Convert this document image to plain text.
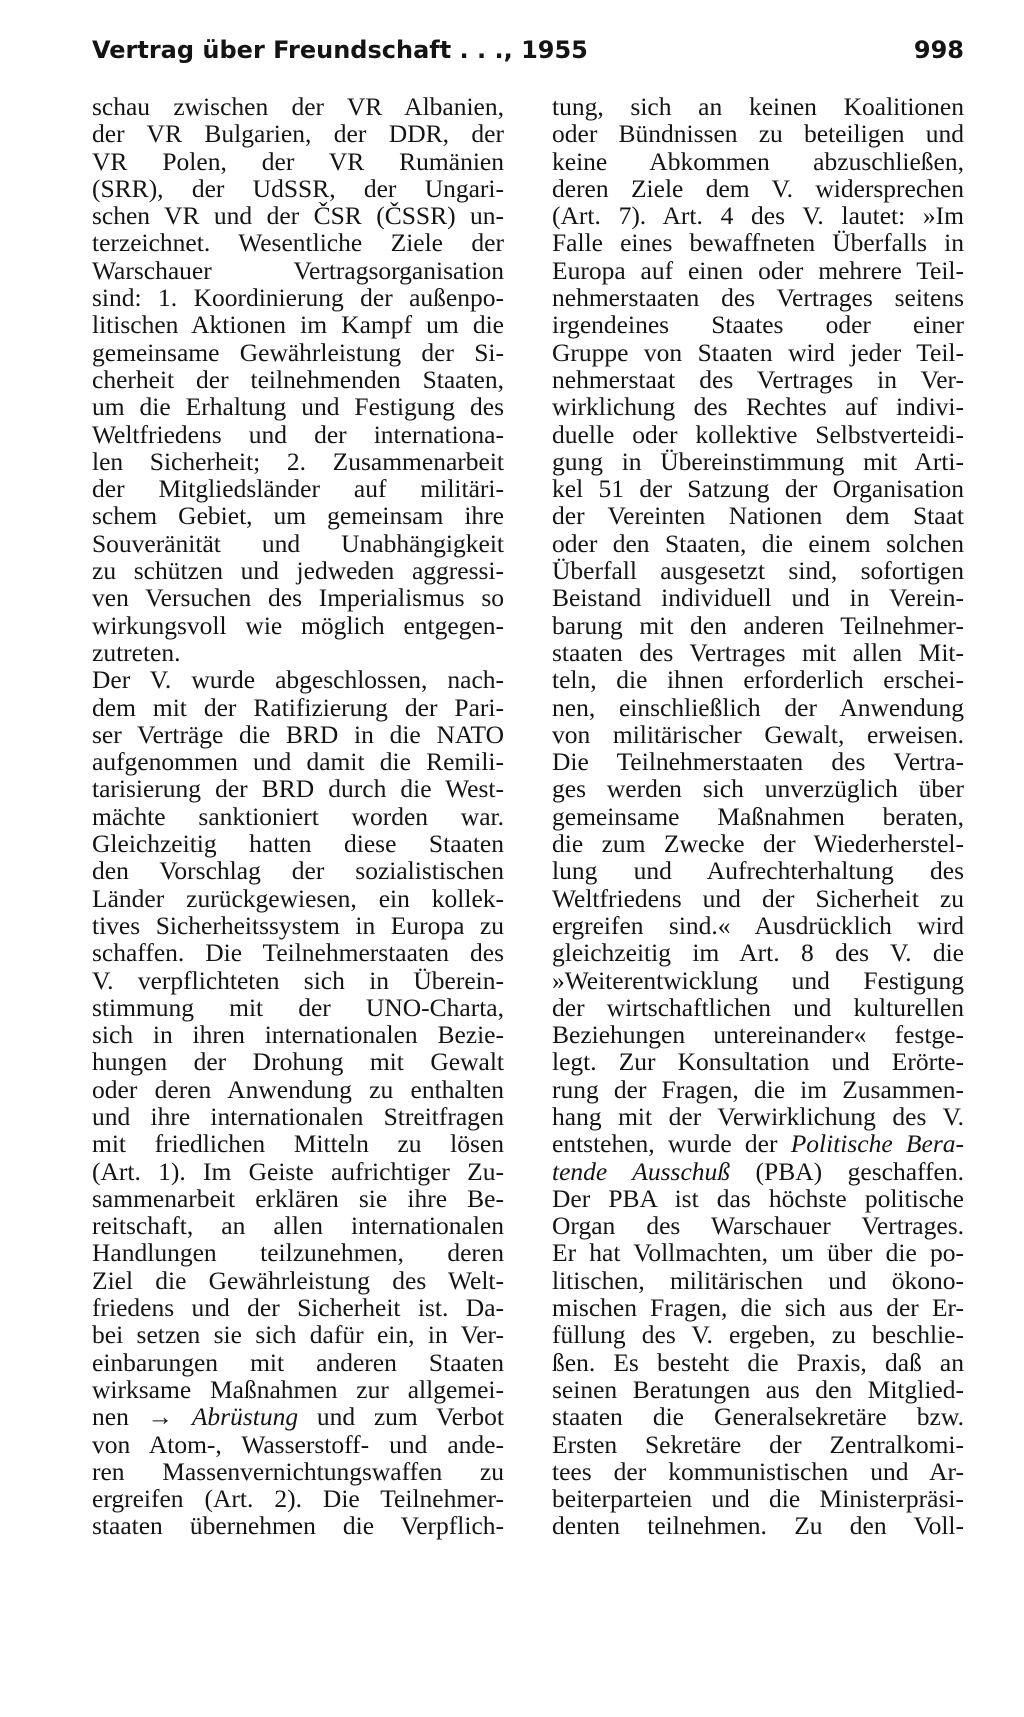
Vertrag über Freundschaft . . ., 1955	998
schau zwischen der VR Albanien,
der VR Bulgarien, der DDR, der
VR Polen, der VR Rumänien
(SRR), der UdSSR, der Ungari-
schen VR und der ČSR (ČSSR) un-
terzeichnet. Wesentliche Ziele der
Warschauer Vertragsorganisation
sind: 1. Koordinierung der außenpo-
litischen Aktionen im Kampf um die
gemeinsame Gewährleistung der Si-
cherheit der teilnehmenden Staaten,
um die Erhaltung und Festigung des
Weltfriedens und der internationa-
len Sicherheit; 2. Zusammenarbeit
der Mitgliedsländer auf militäri-
schem Gebiet, um gemeinsam ihre
Souveränität und Unabhängigkeit
zu schützen und jedweden aggressi-
ven Versuchen des Imperialismus so
wirkungsvoll wie möglich entgegen-
zutreten.
Der V. wurde abgeschlossen, nach-
dem mit der Ratifizierung der Pari-
ser Verträge die BRD in die NATO
aufgenommen und damit die Remili-
tarisierung der BRD durch die West-
mächte sanktioniert worden war.
Gleichzeitig hatten diese Staaten
den Vorschlag der sozialistischen
Länder zurückgewiesen, ein kollek-
tives Sicherheitssystem in Europa zu
schaffen. Die Teilnehmerstaaten des
V. verpflichteten sich in Überein-
stimmung mit der UNO-Charta,
sich in ihren internationalen Bezie-
hungen der Drohung mit Gewalt
oder deren Anwendung zu enthalten
und ihre internationalen Streitfragen
mit friedlichen Mitteln zu lösen
(Art. 1). Im Geiste aufrichtiger Zu-
sammenarbeit erklären sie ihre Be-
reitschaft, an allen internationalen
Handlungen teilzunehmen, deren
Ziel die Gewährleistung des Welt-
friedens und der Sicherheit ist. Da-
bei setzen sie sich dafür ein, in Ver-
einbarungen mit anderen Staaten
wirksame Maßnahmen zur allgemei-
nen → Abrüstung und zum Verbot
von Atom-, Wasserstoff- und ande-
ren Massenvernichtungswaffen zu
ergreifen (Art. 2). Die Teilnehmer-
staaten übernehmen die Verpflich-
tung, sich an keinen Koalitionen
oder Bündnissen zu beteiligen und
keine Abkommen abzuschließen,
deren Ziele dem V. widersprechen
(Art. 7). Art. 4 des V. lautet: »Im
Falle eines bewaffneten Überfalls in
Europa auf einen oder mehrere Teil-
nehmerstaaten des Vertrages seitens
irgendeines Staates oder einer
Gruppe von Staaten wird jeder Teil-
nehmerstaat des Vertrages in Ver-
wirklichung des Rechtes auf indivi-
duelle oder kollektive Selbstverteidi-
gung in Übereinstimmung mit Arti-
kel 51 der Satzung der Organisation
der Vereinten Nationen dem Staat
oder den Staaten, die einem solchen
Überfall ausgesetzt sind, sofortigen
Beistand individuell und in Verein-
barung mit den anderen Teilnehmer-
staaten des Vertrages mit allen Mit-
teln, die ihnen erforderlich erschei-
nen, einschließlich der Anwendung
von militärischer Gewalt, erweisen.
Die Teilnehmerstaaten des Vertra-
ges werden sich unverzüglich über
gemeinsame Maßnahmen beraten,
die zum Zwecke der Wiederherstel-
lung und Aufrechterhaltung des
Weltfriedens und der Sicherheit zu
ergreifen sind.« Ausdrücklich wird
gleichzeitig im Art. 8 des V. die
»Weiterentwicklung und Festigung
der wirtschaftlichen und kulturellen
Beziehungen untereinander« festge-
legt. Zur Konsultation und Erörte-
rung der Fragen, die im Zusammen-
hang mit der Verwirklichung des V.
entstehen, wurde der Politische Bera-
tende Ausschuß (PBA) geschaffen.
Der PBA ist das höchste politische
Organ des Warschauer Vertrages.
Er hat Vollmachten, um über die po-
litischen, militärischen und ökono-
mischen Fragen, die sich aus der Er-
füllung des V. ergeben, zu beschlie-
ßen. Es besteht die Praxis, daß an
seinen Beratungen aus den Mitglied-
staaten die Generalsekretäre bzw.
Ersten Sekretäre der Zentralkomi-
tees der kommunistischen und Ar-
beiterparteien und die Ministerpräsi-
denten teilnehmen. Zu den Voll-
